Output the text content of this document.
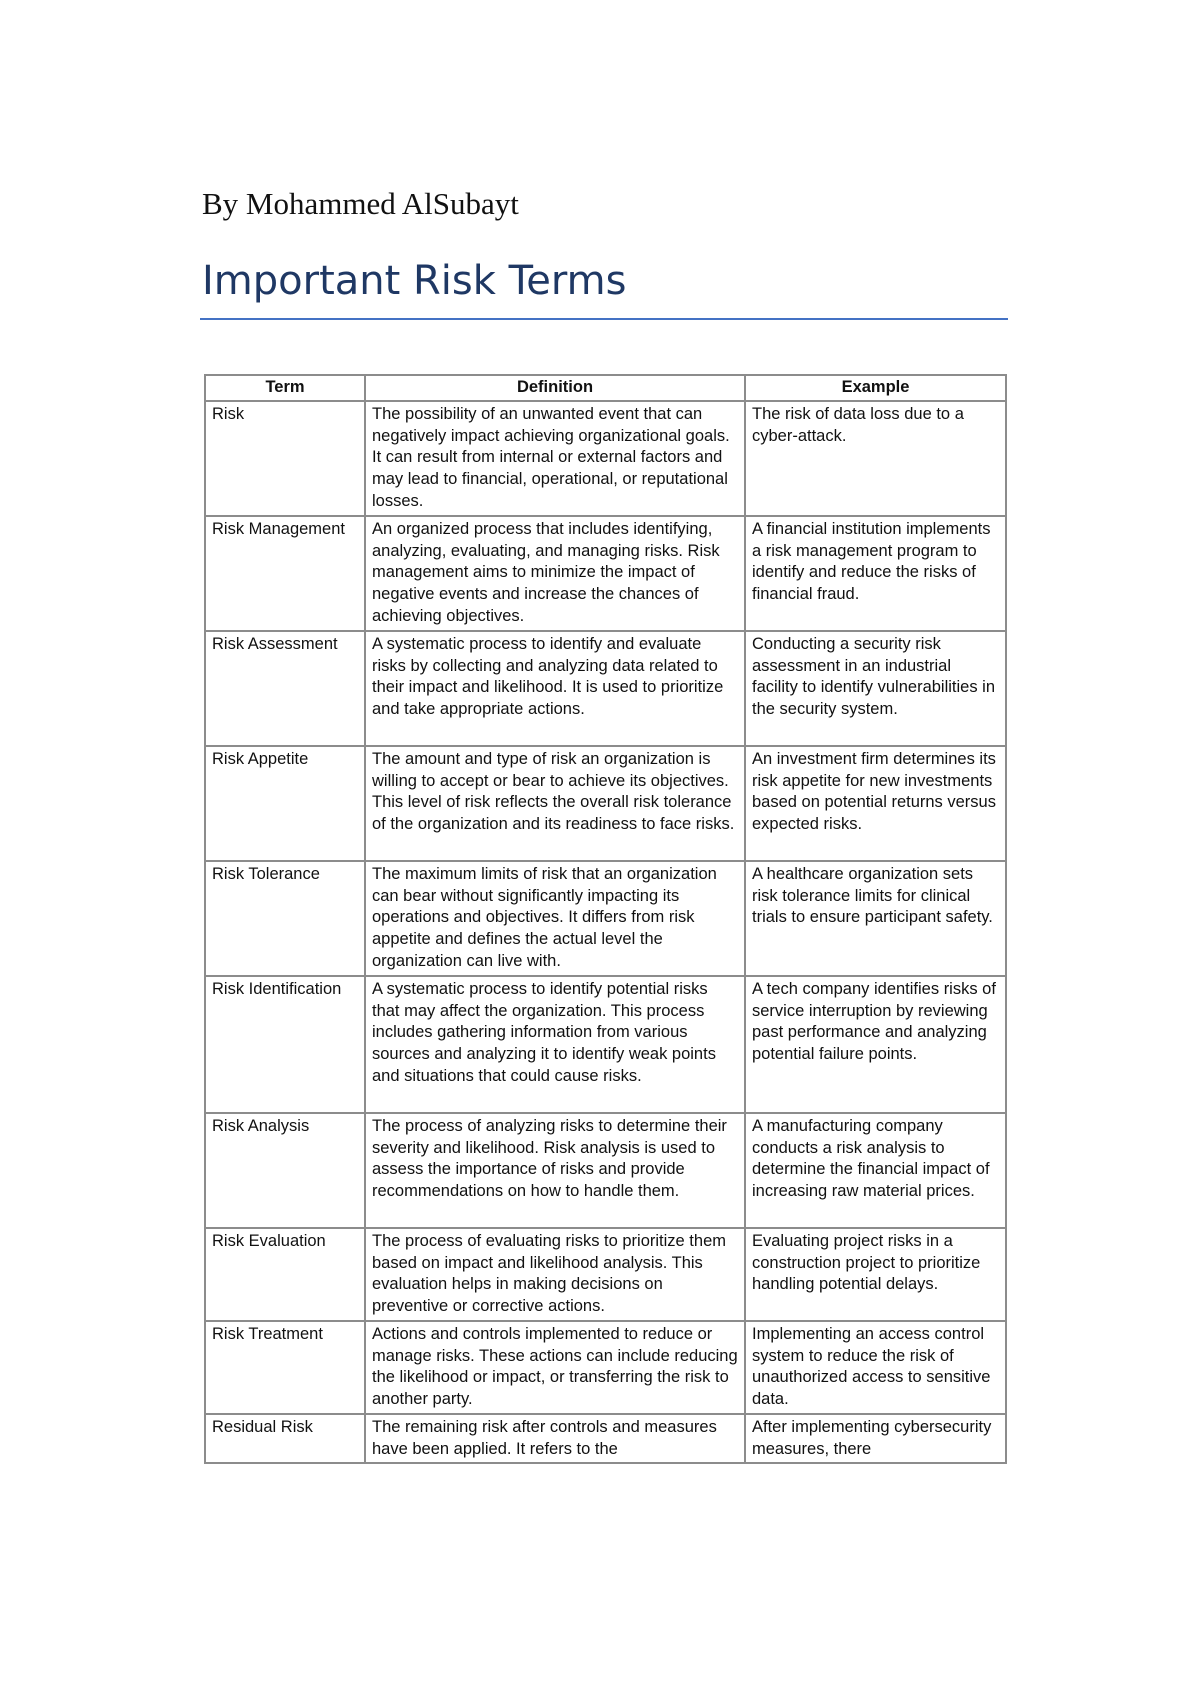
By Mohammed AlSubayt
Important Risk Terms
Term	Definition	Example
Risk	The possibility of an unwanted event that can negatively impact achieving organizational goals. It can result from internal or external factors and may lead to financial, operational, or reputational losses.	The risk of data loss due to a cyber-attack.
Risk Management	An organized process that includes identifying, analyzing, evaluating, and managing risks. Risk management aims to minimize the impact of negative events and increase the chances of achieving objectives.	A financial institution implements a risk management program to identify and reduce the risks of financial fraud.
Risk Assessment	A systematic process to identify and evaluate risks by collecting and analyzing data related to their impact and likelihood. It is used to prioritize and take appropriate actions.	Conducting a security risk assessment in an industrial facility to identify vulnerabilities in the security system.
Risk Appetite	The amount and type of risk an organization is willing to accept or bear to achieve its objectives. This level of risk reflects the overall risk tolerance of the organization and its readiness to face risks.	An investment firm determines its risk appetite for new investments based on potential returns versus expected risks.
Risk Tolerance	The maximum limits of risk that an organization can bear without significantly impacting its operations and objectives. It differs from risk appetite and defines the actual level the organization can live with.	A healthcare organization sets risk tolerance limits for clinical trials to ensure participant safety.
Risk Identification	A systematic process to identify potential risks that may affect the organization. This process includes gathering information from various sources and analyzing it to identify weak points and situations that could cause risks.	A tech company identifies risks of service interruption by reviewing past performance and analyzing potential failure points.
Risk Analysis	The process of analyzing risks to determine their severity and likelihood. Risk analysis is used to assess the importance of risks and provide recommendations on how to handle them.	A manufacturing company conducts a risk analysis to determine the financial impact of increasing raw material prices.
Risk Evaluation	The process of evaluating risks to prioritize them based on impact and likelihood analysis. This evaluation helps in making decisions on preventive or corrective actions.	Evaluating project risks in a construction project to prioritize handling potential delays.
Risk Treatment	Actions and controls implemented to reduce or manage risks. These actions can include reducing the likelihood or impact, or transferring the risk to another party.	Implementing an access control system to reduce the risk of unauthorized access to sensitive data.
Residual Risk	The remaining risk after controls and measures have been applied. It refers to the	After implementing cybersecurity measures, there
